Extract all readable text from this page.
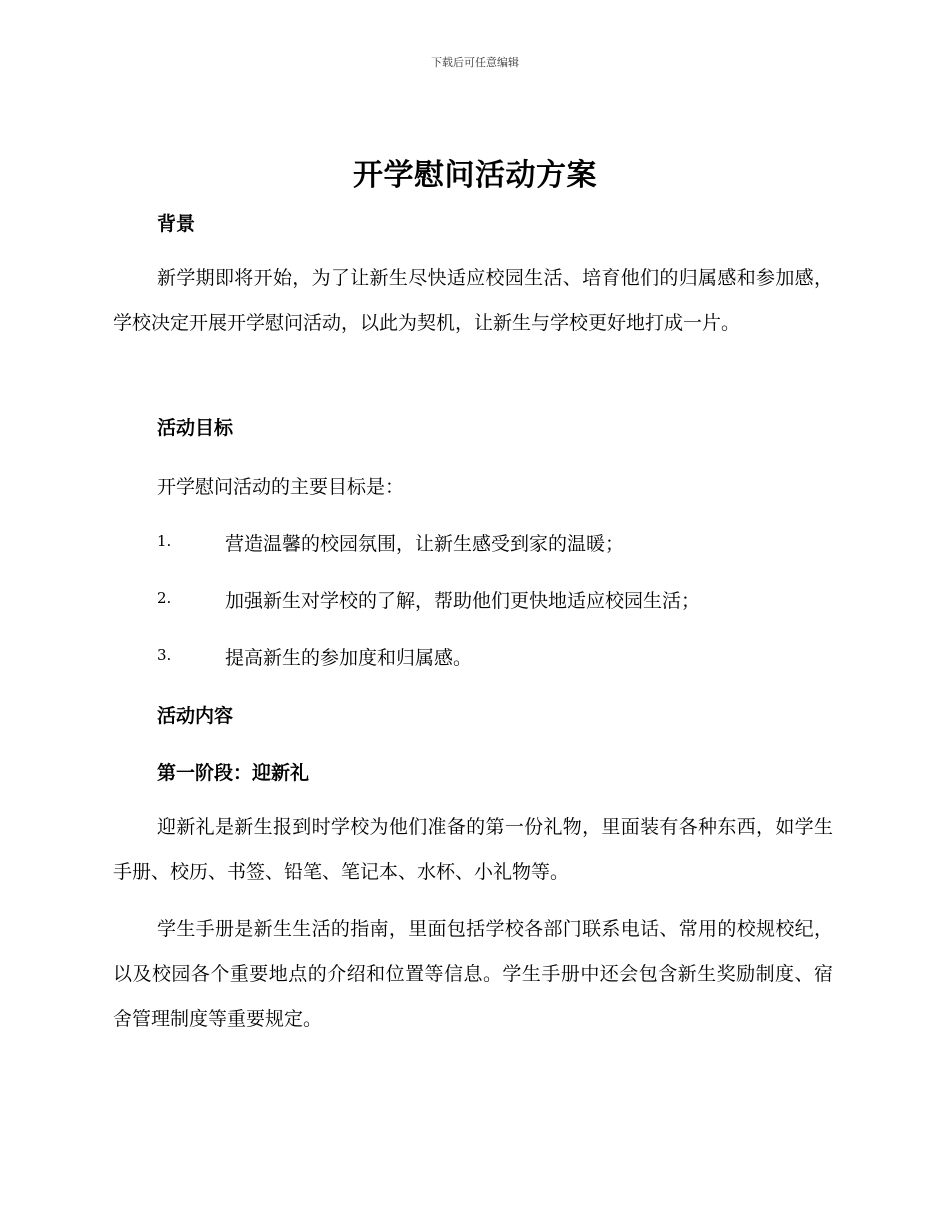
下载后可任意编辑
开学慰问活动方案
背景
新学期即将开始，为了让新生尽快适应校园生活、培育他们的归属感和参加感，学校决定开展开学慰问活动，以此为契机，让新生与学校更好地打成一片。
活动目标
开学慰问活动的主要目标是：
1.	营造温馨的校园氛围，让新生感受到家的温暖；
2.	加强新生对学校的了解，帮助他们更快地适应校园生活；
3.	提高新生的参加度和归属感。
活动内容
第一阶段：迎新礼
迎新礼是新生报到时学校为他们准备的第一份礼物，里面装有各种东西，如学生手册、校历、书签、铅笔、笔记本、水杯、小礼物等。
学生手册是新生生活的指南，里面包括学校各部门联系电话、常用的校规校纪，以及校园各个重要地点的介绍和位置等信息。学生手册中还会包含新生奖励制度、宿舍管理制度等重要规定。
